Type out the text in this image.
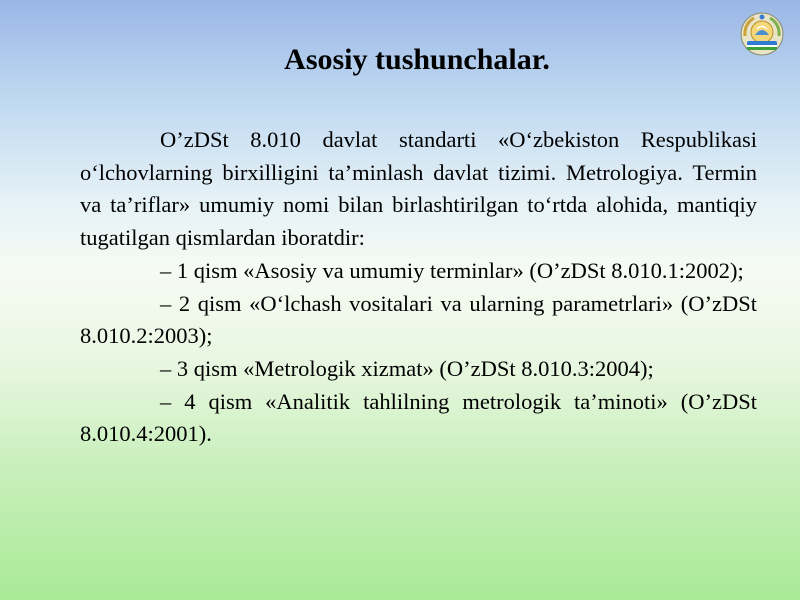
Asosiy tushunchalar.

O’zDSt 8.010 davlat standarti «O‘zbekiston Respublikasi o‘lchovlarning birxilligini ta’minlash davlat tizimi. Metrologiya. Termin va ta’riflar» umumiy nomi bilan birlashtirilgan to‘rtda alohida, mantiqiy tugatilgan qismlardan iboratdir:

– 1 qism «Asosiy va umumiy terminlar» (O’zDSt 8.010.1:2002);

– 2 qism «O‘lchash vositalari va ularning parametrlari» (O’zDSt 8.010.2:2003);

– 3 qism «Metrologik xizmat» (O’zDSt 8.010.3:2004);

– 4 qism «Analitik tahlilning metrologik ta’minoti» (O’zDSt 8.010.4:2001).
